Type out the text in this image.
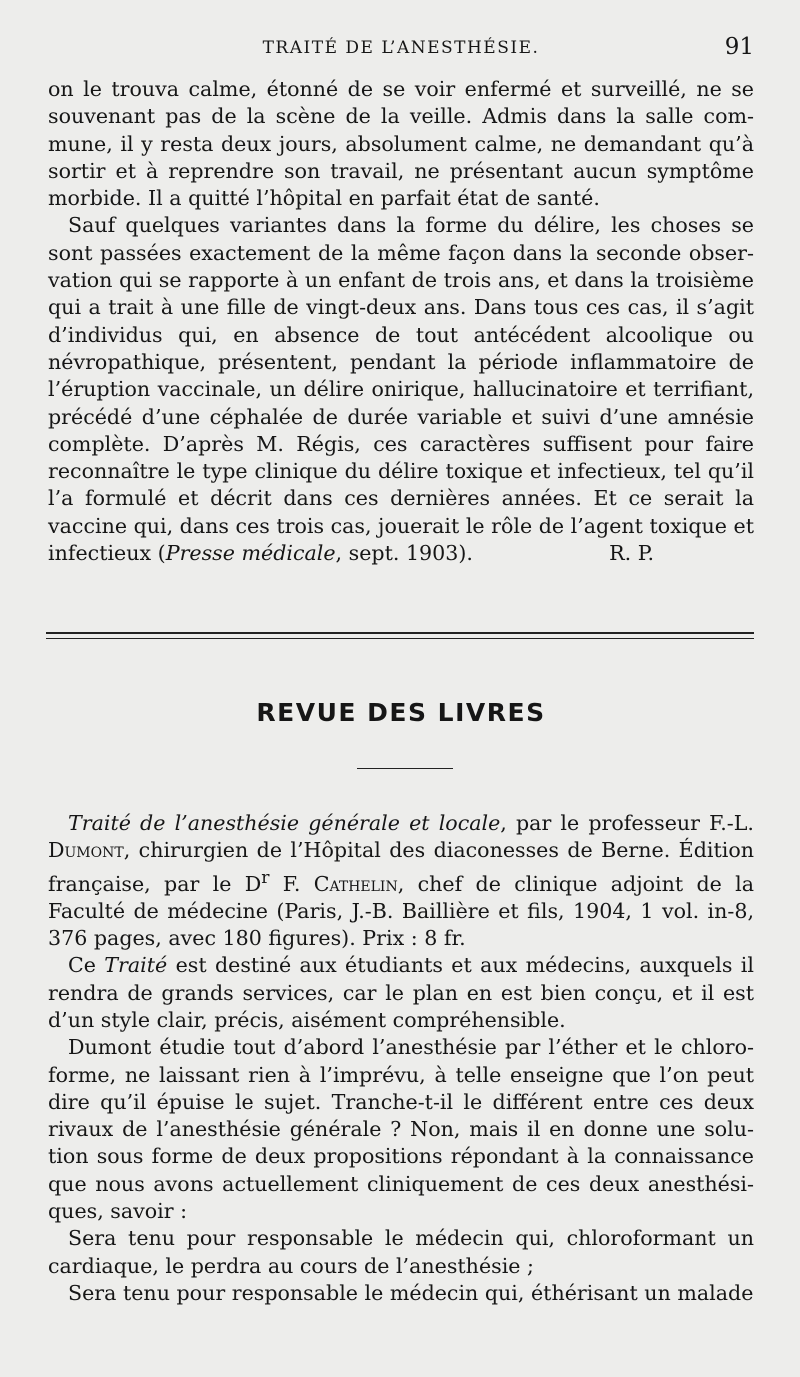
TRAITÉ DE L’ANESTHÉSIE.	91

on le trouva calme, étonné de se voir enfermé et surveillé, ne se souvenant pas de la scène de la veille. Admis dans la salle commune, il y resta deux jours, absolument calme, ne demandant qu’à sortir et à reprendre son travail, ne présentant aucun symptôme morbide. Il a quitté l’hôpital en parfait état de santé.

Sauf quelques variantes dans la forme du délire, les choses se sont passées exactement de la même façon dans la seconde observation qui se rapporte à un enfant de trois ans, et dans la troisième qui a trait à une fille de vingt-deux ans. Dans tous ces cas, il s’agit d’individus qui, en absence de tout antécédent alcoolique ou névropathique, présentent, pendant la période inflammatoire de l’éruption vaccinale, un délire onirique, hallucinatoire et terrifiant, précédé d’une céphalée de durée variable et suivi d’une amnésie complète. D’après M. Régis, ces caractères suffisent pour faire reconnaître le type clinique du délire toxique et infectieux, tel qu’il l’a formulé et décrit dans ces dernières années. Et ce serait la vaccine qui, dans ces trois cas, jouerait le rôle de l’agent toxique et infectieux (Presse médicale, sept. 1903).	R. P.

REVUE DES LIVRES

Traité de l’anesthésie générale et locale, par le professeur F.-L. Dumont, chirurgien de l’Hôpital des diaconesses de Berne. Édition française, par le $D^r$ F. Cathelin, chef de clinique adjoint de la Faculté de médecine (Paris, J.-B. Baillière et fils, 1904, 1 vol. in-8, 376 pages, avec 180 figures). Prix : 8 fr.

Ce Traité est destiné aux étudiants et aux médecins, auxquels il rendra de grands services, car le plan en est bien conçu, et il est d’un style clair, précis, aisément compréhensible.

Dumont étudie tout d’abord l’anesthésie par l’éther et le chloroforme, ne laissant rien à l’imprévu, à telle enseigne que l’on peut dire qu’il épuise le sujet. Tranche-t-il le différent entre ces deux rivaux de l’anesthésie générale ? Non, mais il en donne une solution sous forme de deux propositions répondant à la connaissance que nous avons actuellement cliniquement de ces deux anesthésiques, savoir :

Sera tenu pour responsable le médecin qui, chloroformant un cardiaque, le perdra au cours de l’anesthésie ;

Sera tenu pour responsable le médecin qui, éthérisant un malade
